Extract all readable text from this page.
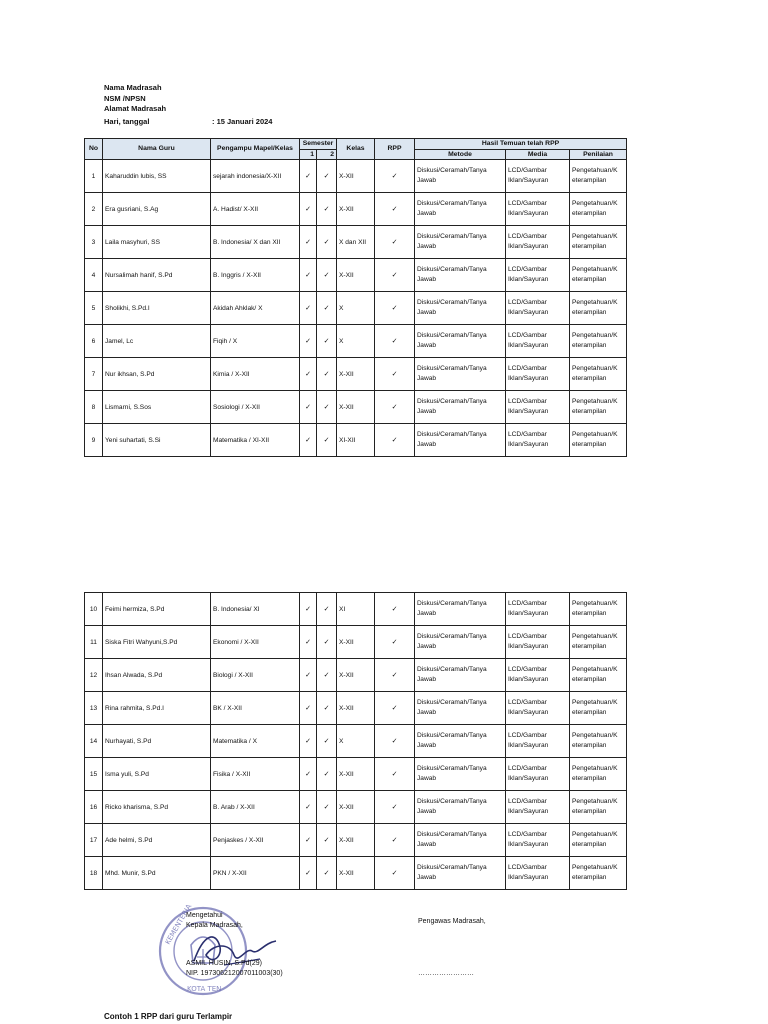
Nama Madrasah
NSM /NPSN
Alamat Madrasah
Hari, tanggal	: 15 Januari 2024
No	Nama Guru	Pengampu Mapel/Kelas	Semester		Kelas	RPP	Hasil Temuan telah RPP		
			1	2			Metode	Media	Penilaian
1	Kaharuddin lubis, SS	sejarah indonesia/X-XII	✓	✓	X-XII	✓	Diskusi/Ceramah/Tanya Jawab	LCD/Gambar Iklan/Sayuran	Pengetahuan/K eterampilan
2	Era gusriani, S.Ag	A. Hadist/ X-XII	✓	✓	X-XII	✓	Diskusi/Ceramah/Tanya Jawab	LCD/Gambar Iklan/Sayuran	Pengetahuan/K eterampilan
3	Laila masyhuri, SS	B. Indonesia/ X dan XII	✓	✓	X dan XII	✓	Diskusi/Ceramah/Tanya Jawab	LCD/Gambar Iklan/Sayuran	Pengetahuan/K eterampilan
4	Nursalimah hanif, S.Pd	B. Inggris / X-XII	✓	✓	X-XII	✓	Diskusi/Ceramah/Tanya Jawab	LCD/Gambar Iklan/Sayuran	Pengetahuan/K eterampilan
5	Sholikhi, S.Pd.I	Akidah Ahklak/ X	✓	✓	X	✓	Diskusi/Ceramah/Tanya Jawab	LCD/Gambar Iklan/Sayuran	Pengetahuan/K eterampilan
6	Jamel, Lc	Fiqih / X	✓	✓	X	✓	Diskusi/Ceramah/Tanya Jawab	LCD/Gambar Iklan/Sayuran	Pengetahuan/K eterampilan
7	Nur ikhsan, S.Pd	Kimia / X-XII	✓	✓	X-XII	✓	Diskusi/Ceramah/Tanya Jawab	LCD/Gambar Iklan/Sayuran	Pengetahuan/K eterampilan
8	Lismarni, S.Sos	Sosiologi / X-XII	✓	✓	X-XII	✓	Diskusi/Ceramah/Tanya Jawab	LCD/Gambar Iklan/Sayuran	Pengetahuan/K eterampilan
9	Yeni suhartati, S.Si	Matematika / XI-XII	✓	✓	XI-XII	✓	Diskusi/Ceramah/Tanya Jawab	LCD/Gambar Iklan/Sayuran	Pengetahuan/K eterampilan
10	Feimi hermiza, S.Pd	B. Indonesia/ XI	✓	✓	XI	✓	Diskusi/Ceramah/Tanya Jawab	LCD/Gambar Iklan/Sayuran	Pengetahuan/K eterampilan
11	Siska Fitri Wahyuni,S.Pd	Ekonomi / X-XII	✓	✓	X-XII	✓	Diskusi/Ceramah/Tanya Jawab	LCD/Gambar Iklan/Sayuran	Pengetahuan/K eterampilan
12	Ihsan Alwada, S.Pd	Biologi / X-XII	✓	✓	X-XII	✓	Diskusi/Ceramah/Tanya Jawab	LCD/Gambar Iklan/Sayuran	Pengetahuan/K eterampilan
13	Rina rahmita, S.Pd.I	BK / X-XII	✓	✓	X-XII	✓	Diskusi/Ceramah/Tanya Jawab	LCD/Gambar Iklan/Sayuran	Pengetahuan/K eterampilan
14	Nurhayati, S.Pd	Matematika / X	✓	✓	X	✓	Diskusi/Ceramah/Tanya Jawab	LCD/Gambar Iklan/Sayuran	Pengetahuan/K eterampilan
15	Isma yuli, S.Pd	Fisika / X-XII	✓	✓	X-XII	✓	Diskusi/Ceramah/Tanya Jawab	LCD/Gambar Iklan/Sayuran	Pengetahuan/K eterampilan
16	Ricko kharisma, S.Pd	B. Arab / X-XII	✓	✓	X-XII	✓	Diskusi/Ceramah/Tanya Jawab	LCD/Gambar Iklan/Sayuran	Pengetahuan/K eterampilan
17	Ade helmi, S.Pd	Penjaskes / X-XII	✓	✓	X-XII	✓	Diskusi/Ceramah/Tanya Jawab	LCD/Gambar Iklan/Sayuran	Pengetahuan/K eterampilan
18	Mhd. Munir, S.Pd	PKN / X-XII	✓	✓	X-XII	✓	Diskusi/Ceramah/Tanya Jawab	LCD/Gambar Iklan/Sayuran	Pengetahuan/K eterampilan
KEMENTERIAN
KOTA TEN
Mengetahui
Kepala Madrasah,
ASMIL HUSIN, S.Pd(29)
NIP. 197306212007011003(30)
Pengawas Madrasah,
……………………
Contoh 1 RPP dari guru Terlampir
